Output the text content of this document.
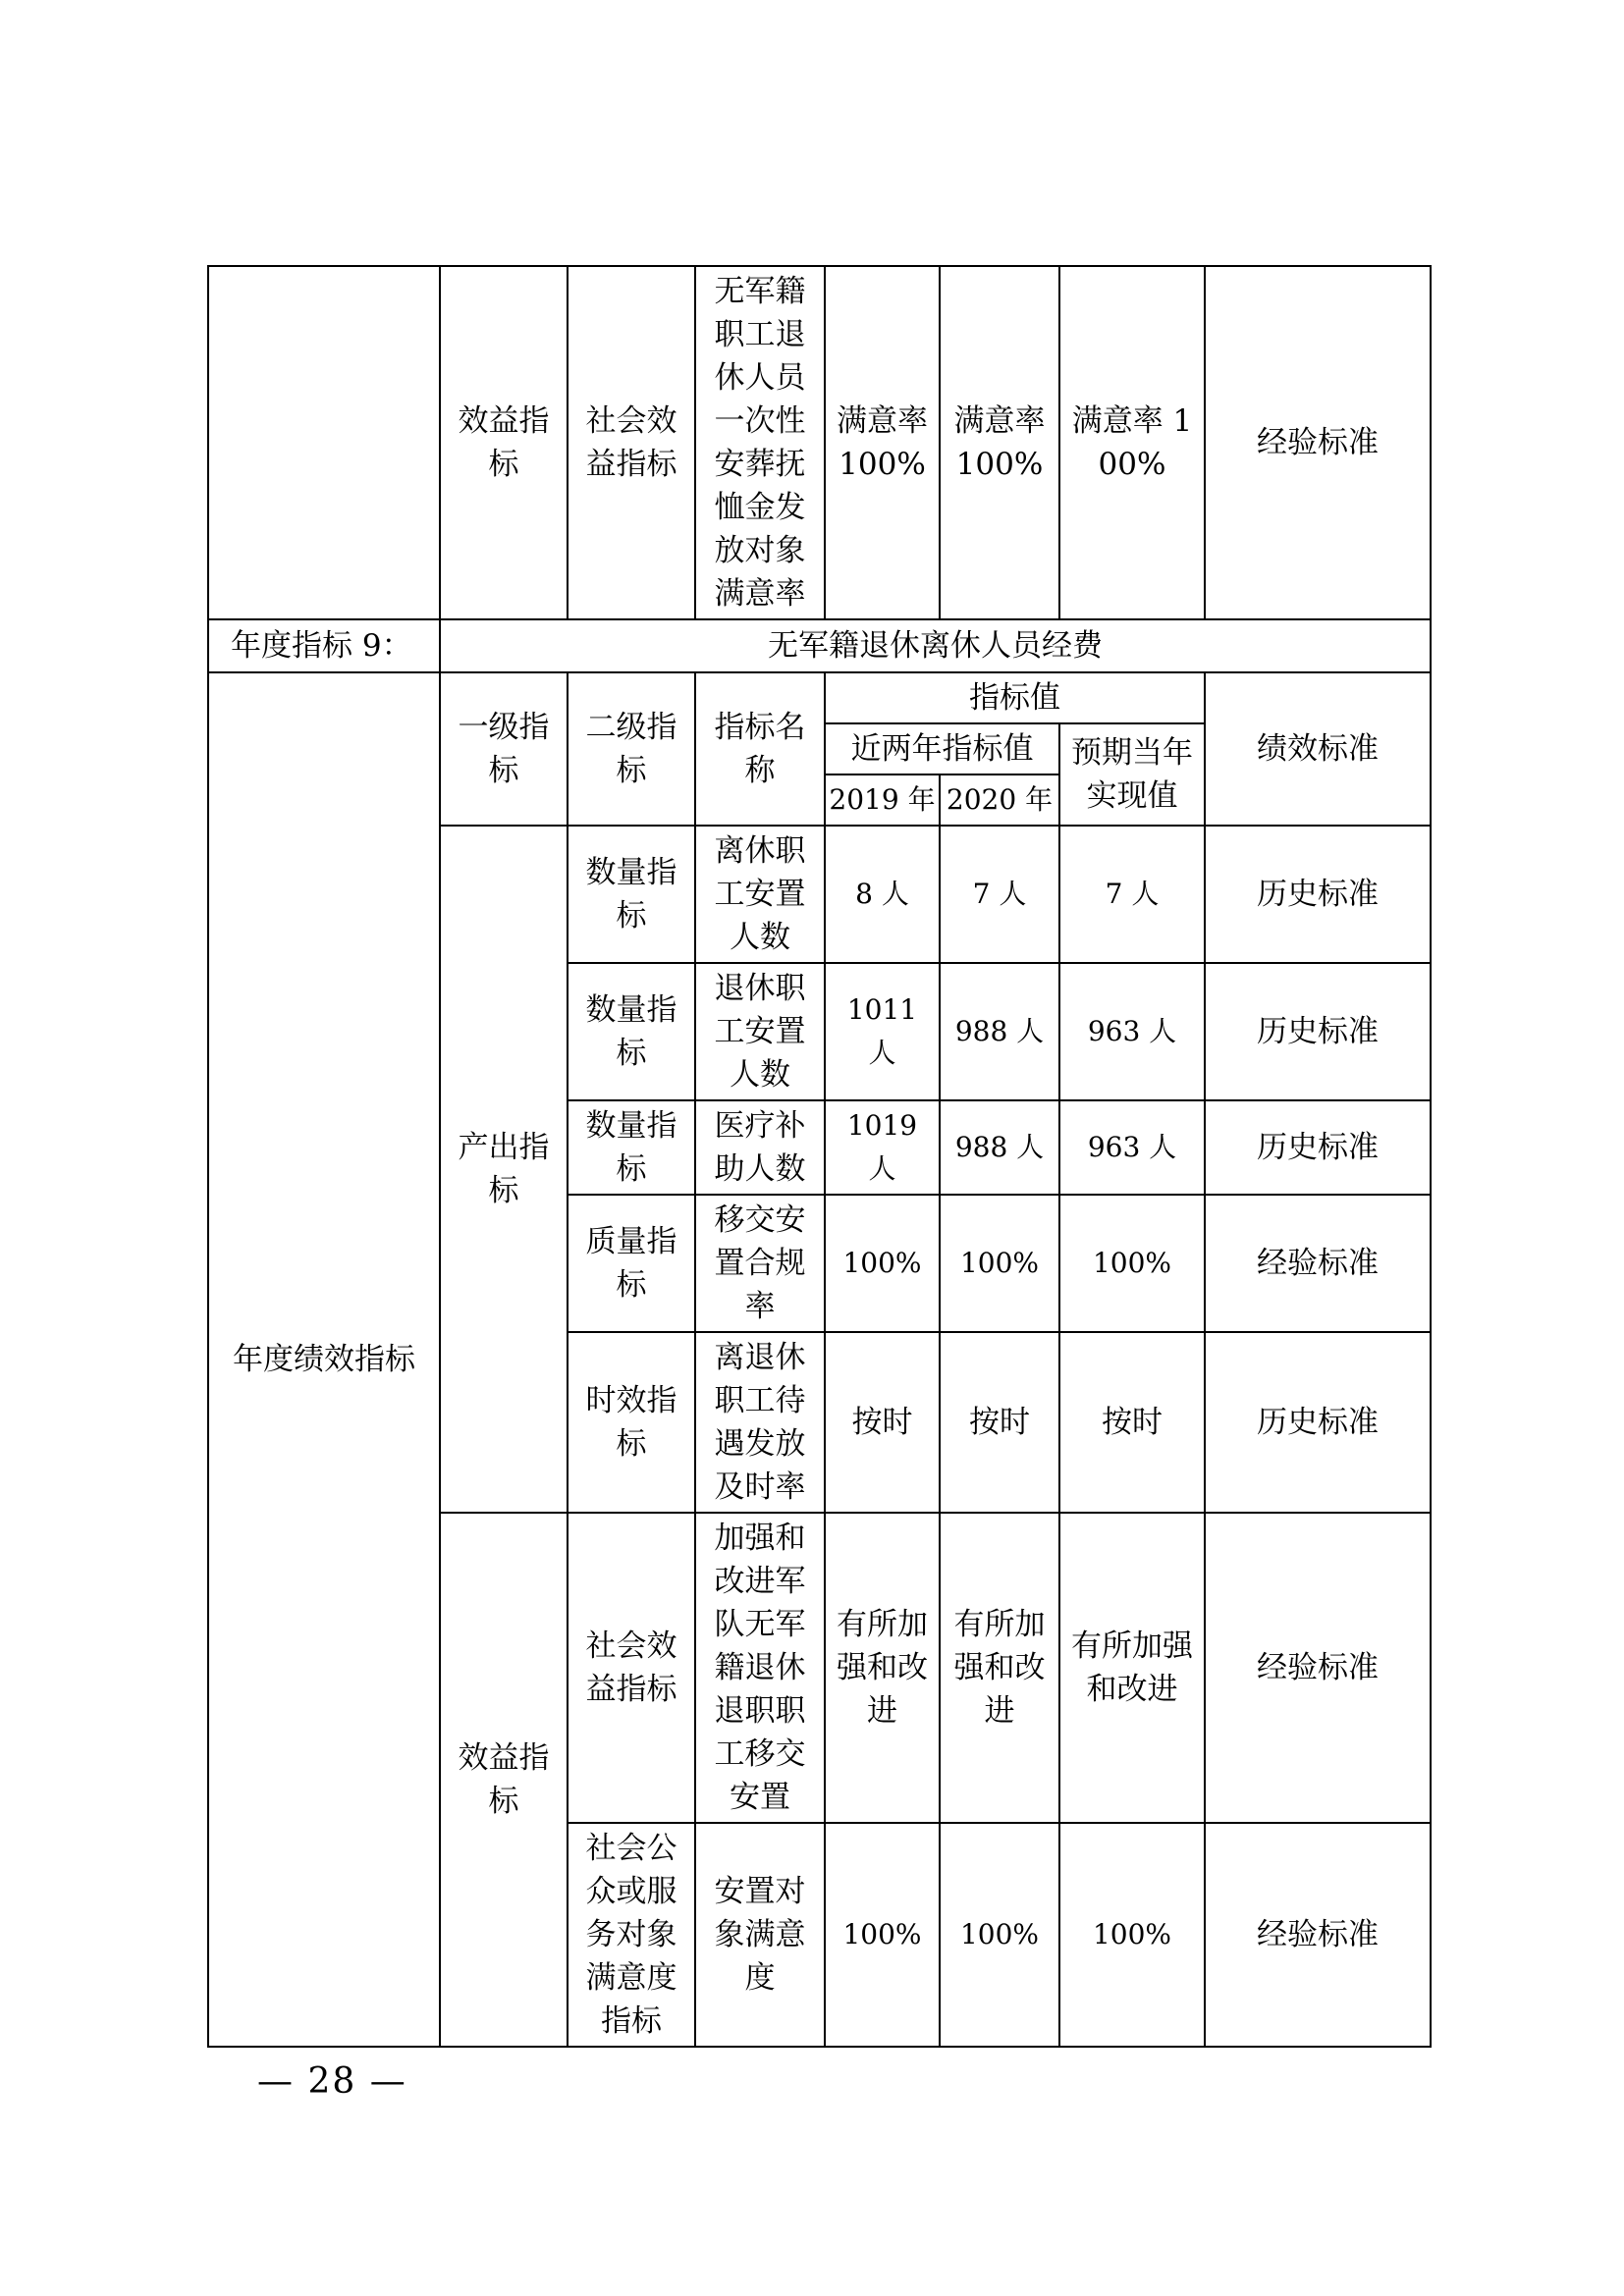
	效益指标	社会效益指标	无军籍职工退休人员一次性安葬抚恤金发放对象满意率	满意率 100%	满意率 100%	满意率 100%	经验标准
年度指标 9：	无军籍退休离休人员经费						
年度绩效指标	一级指标	二级指标	指标名称	指标值			绩效标准
				近两年指标值		预期当年实现值	
				2019 年	2020 年		
	产出指标	数量指标	离休职工安置人数	8 人	7 人	7 人	历史标准
		数量指标	退休职工安置人数	1011 人	988 人	963 人	历史标准
		数量指标	医疗补助人数	1019 人	988 人	963 人	历史标准
		质量指标	移交安置合规率	100%	100%	100%	经验标准
		时效指标	离退休职工待遇发放及时率	按时	按时	按时	历史标准
	效益指标	社会效益指标	加强和改进军队无军籍退休退职职工移交安置	有所加强和改进	有所加强和改进	有所加强和改进	经验标准
		社会公众或服务对象满意度指标	安置对象满意度	100%	100%	100%	经验标准
— 28 —
